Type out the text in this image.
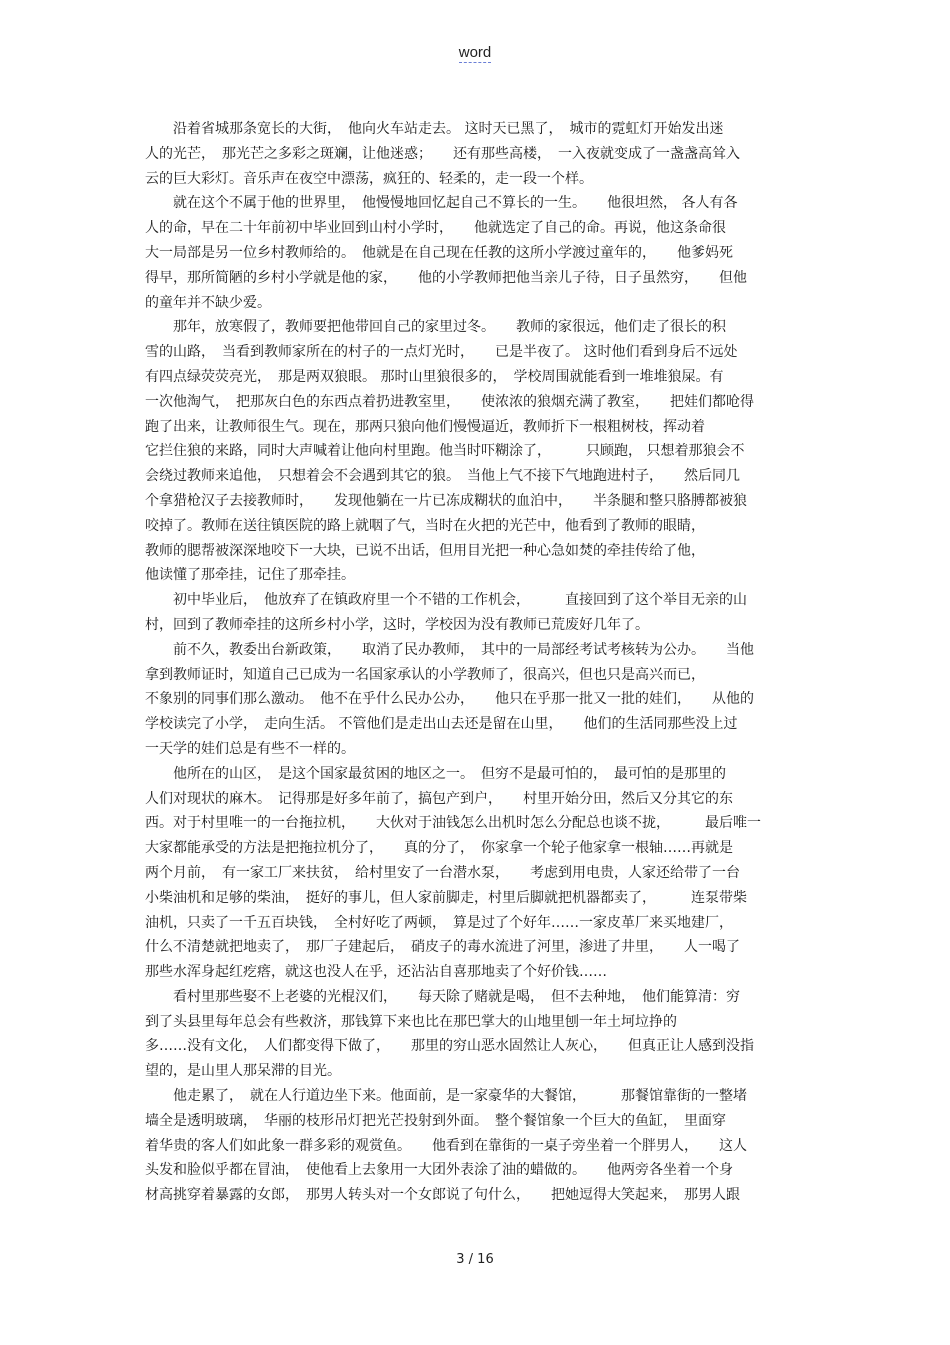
word
　　沿着省城那条宽长的大街，　他向火车站走去。 这时天已黑了，　城市的霓虹灯开始发出迷
人的光芒，　那光芒之多彩之斑斓，让他迷惑；　　还有那些高楼，　一入夜就变成了一盏盏高耸入
云的巨大彩灯。音乐声在夜空中漂荡，疯狂的、轻柔的，走一段一个样。
　　就在这个不属于他的世界里，　他慢慢地回忆起自己不算长的一生。　　他很坦然， 各人有各
人的命，早在二十年前初中毕业回到山村小学时，　　他就选定了自己的命。再说，他这条命很
大一局部是另一位乡村教师给的。　他就是在自己现在任教的这所小学渡过童年的，　　他爹妈死
得早，那所简陋的乡村小学就是他的家，　　他的小学教师把他当亲儿子待，日子虽然穷，　　但他
的童年并不缺少爱。
　　那年，放寒假了，教师要把他带回自己的家里过冬。　　教师的家很远，他们走了很长的积
雪的山路，　当看到教师家所在的村子的一点灯光时，　　已是半夜了。 这时他们看到身后不远处
有四点绿荧荧亮光，　那是两双狼眼。 那时山里狼很多的，　学校周围就能看到一堆堆狼屎。有
一次他淘气，　把那灰白色的东西点着扔进教室里，　　使浓浓的狼烟充满了教室，　　把娃们都呛得
跑了出来，让教师很生气。现在，那两只狼向他们慢慢逼近，教师折下一根粗树枝，挥动着
它拦住狼的来路，同时大声喊着让他向村里跑。他当时吓糊涂了，　　　只顾跑， 只想着那狼会不
会绕过教师来追他，　只想着会不会遇到其它的狼。　当他上气不接下气地跑进村子，　　然后同几
个拿猎枪汉子去接教师时，　　发现他躺在一片已冻成糊状的血泊中，　　半条腿和整只胳膊都被狼
咬掉了。教师在送往镇医院的路上就咽了气，当时在火把的光芒中，他看到了教师的眼睛，
教师的腮帮被深深地咬下一大块，已说不出话，但用目光把一种心急如焚的牵挂传给了他，
他读懂了那牵挂，记住了那牵挂。
　　初中毕业后，　他放弃了在镇政府里一个不错的工作机会，　　　直接回到了这个举目无亲的山
村，回到了教师牵挂的这所乡村小学，这时，学校因为没有教师已荒废好几年了。
　　前不久，教委出台新政策，　　取消了民办教师，　其中的一局部经考试考核转为公办。　　当他
拿到教师证时，知道自己已成为一名国家承认的小学教师了，很高兴，但也只是高兴而已，
不象别的同事们那么激动。　他不在乎什么民办公办，　　他只在乎那一批又一批的娃们，　　从他的
学校读完了小学，　走向生活。 不管他们是走出山去还是留在山里，　　他们的生活同那些没上过
一天学的娃们总是有些不一样的。
　　他所在的山区，　是这个国家最贫困的地区之一。　但穷不是最可怕的，　最可怕的是那里的
人们对现状的麻木。　记得那是好多年前了，搞包产到户，　　村里开始分田，然后又分其它的东
西。对于村里唯一的一台拖拉机，　　大伙对于油钱怎么出机时怎么分配总也谈不拢，　　　最后唯一
大家都能承受的方法是把拖拉机分了，　　真的分了，　你家拿一个轮子他家拿一根轴……再就是
两个月前，　有一家工厂来扶贫，　给村里安了一台潜水泵，　　考虑到用电贵，人家还给带了一台
小柴油机和足够的柴油，　挺好的事儿，但人家前脚走，村里后脚就把机器都卖了，　　　连泵带柴
油机，只卖了一千五百块钱，　全村好吃了两顿，　算是过了个好年……一家皮革厂来买地建厂，
什么不清楚就把地卖了，　那厂子建起后，　硝皮子的毒水流进了河里，渗进了井里，　　人一喝了
那些水浑身起红疙瘩，就这也没人在乎，还沾沾自喜那地卖了个好价钱……
　　看村里那些娶不上老婆的光棍汉们，　　每天除了赌就是喝，　但不去种地，　他们能算清：穷
到了头县里每年总会有些救济，那钱算下来也比在那巴掌大的山地里刨一年土坷垃挣的
多……没有文化，　人们都变得下做了，　　那里的穷山恶水固然让人灰心，　　但真正让人感到没指
望的，是山里人那呆滞的目光。
　　他走累了，　就在人行道边坐下来。他面前，是一家豪华的大餐馆，　　　那餐馆靠街的一整堵
墙全是透明玻璃，　华丽的枝形吊灯把光芒投射到外面。　整个餐馆象一个巨大的鱼缸，　里面穿
着华贵的客人们如此象一群多彩的观赏鱼。　　他看到在靠街的一桌子旁坐着一个胖男人，　　这人
头发和脸似乎都在冒油，　使他看上去象用一大团外表涂了油的蜡做的。　　他两旁各坐着一个身
材高挑穿着暴露的女郎，　那男人转头对一个女郎说了句什么，　　把她逗得大笑起来，　那男人跟
3 / 16
